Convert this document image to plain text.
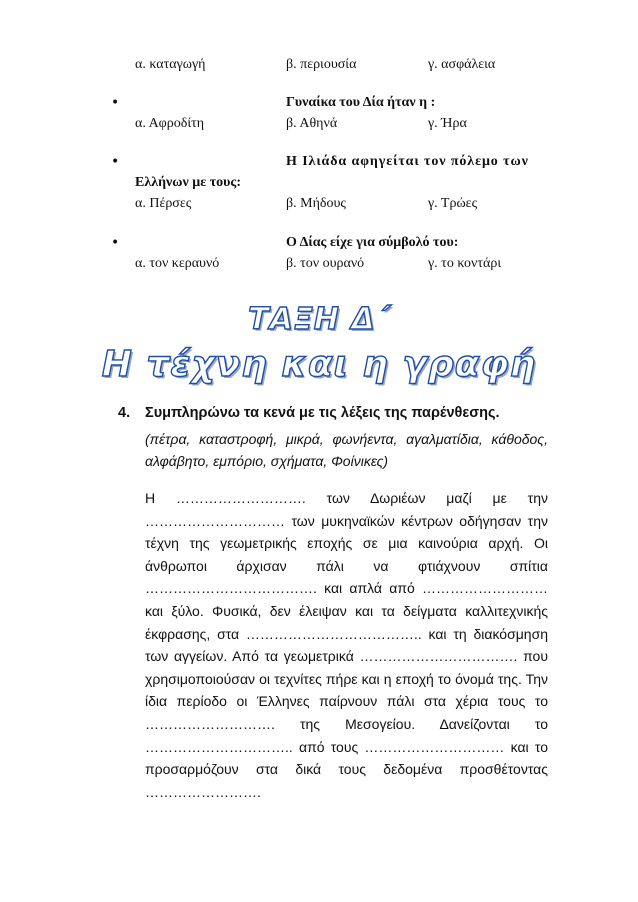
α. καταγωγή	β. περιουσία	γ. ασφάλεια
•	Γυναίκα του Δία ήταν η :
α. Αφροδίτη	β. Αθηνά	γ. Ήρα
•	Η Ιλιάδα αφηγείται τον πόλεμο των
Ελλήνων με τους:
α. Πέρσες	β. Μήδους	γ. Τρώες
•	Ο Δίας είχε για σύμβολό του:
α. τον κεραυνό	β. τον ουρανό	γ. το κοντάρι
ΤΑΞΗ Δ΄
Η τέχνη και η γραφή
4. Συμπληρώνω τα κενά με τις λέξεις της παρένθεσης.
(πέτρα, καταστροφή, μικρά, φωνήεντα, αγαλματίδια, κάθοδος, αλφάβητο, εμπόριο, σχήματα, Φοίνικες)

Η ………………………. των Δωριέων μαζί με την ………………………… των μυκηναϊκών κέντρων οδήγησαν την τέχνη της γεωμετρικής εποχής σε μια καινούρια αρχή. Οι άνθρωποι άρχισαν πάλι να φτιάχνουν σπίτια ………………………………. και απλά από ……………………… και ξύλο. Φυσικά, δεν έλειψαν και τα δείγματα καλλιτεχνικής έκφρασης, στα ……………………………….. και τη διακόσμηση των αγγείων. Από τα γεωμετρικά ……………………………. που χρησιμοποιούσαν οι τεχνίτες πήρε και η εποχή το όνομά της. Την ίδια περίοδο οι Έλληνες παίρνουν πάλι στα χέρια τους το ………………………. της Μεσογείου. Δανείζονται το ………………………….. από τους ………………………… και το προσαρμόζουν στα δικά τους δεδομένα προσθέτοντας …………………….
